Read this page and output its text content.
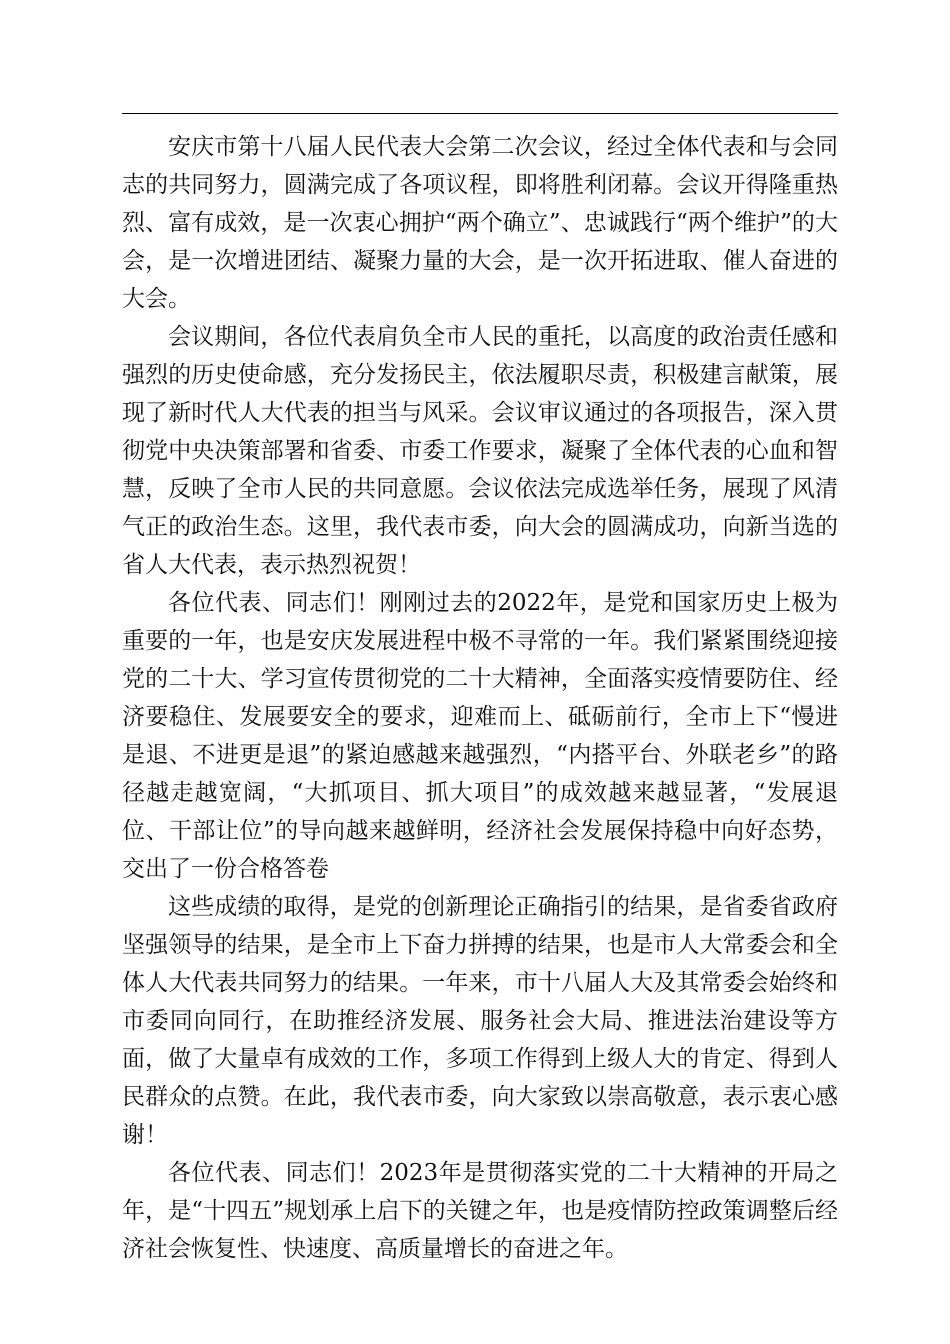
安庆市第十八届人民代表大会第二次会议，经过全体代表和与会同志的共同努力，圆满完成了各项议程，即将胜利闭幕。会议开得隆重热烈、富有成效，是一次衷心拥护“两个确立”、忠诚践行“两个维护”的大会，是一次增进团结、凝聚力量的大会，是一次开拓进取、催人奋进的大会。

会议期间，各位代表肩负全市人民的重托，以高度的政治责任感和强烈的历史使命感，充分发扬民主，依法履职尽责，积极建言献策，展现了新时代人大代表的担当与风采。会议审议通过的各项报告，深入贯彻党中央决策部署和省委、市委工作要求，凝聚了全体代表的心血和智慧，反映了全市人民的共同意愿。会议依法完成选举任务，展现了风清气正的政治生态。这里，我代表市委，向大会的圆满成功，向新当选的省人大代表，表示热烈祝贺！

各位代表、同志们！刚刚过去的2022年，是党和国家历史上极为重要的一年，也是安庆发展进程中极不寻常的一年。我们紧紧围绕迎接党的二十大、学习宣传贯彻党的二十大精神，全面落实疫情要防住、经济要稳住、发展要安全的要求，迎难而上、砥砺前行，全市上下“慢进是退、不进更是退”的紧迫感越来越强烈，“内搭平台、外联老乡”的路径越走越宽阔，“大抓项目、抓大项目”的成效越来越显著，“发展退位、干部让位”的导向越来越鲜明，经济社会发展保持稳中向好态势，交出了一份合格答卷

这些成绩的取得，是党的创新理论正确指引的结果，是省委省政府坚强领导的结果，是全市上下奋力拼搏的结果，也是市人大常委会和全体人大代表共同努力的结果。一年来，市十八届人大及其常委会始终和市委同向同行，在助推经济发展、服务社会大局、推进法治建设等方面，做了大量卓有成效的工作，多项工作得到上级人大的肯定、得到人民群众的点赞。在此，我代表市委，向大家致以崇高敬意，表示衷心感谢！

各位代表、同志们！2023年是贯彻落实党的二十大精神的开局之年，是“十四五”规划承上启下的关键之年，也是疫情防控政策调整后经济社会恢复性、快速度、高质量增长的奋进之年。
